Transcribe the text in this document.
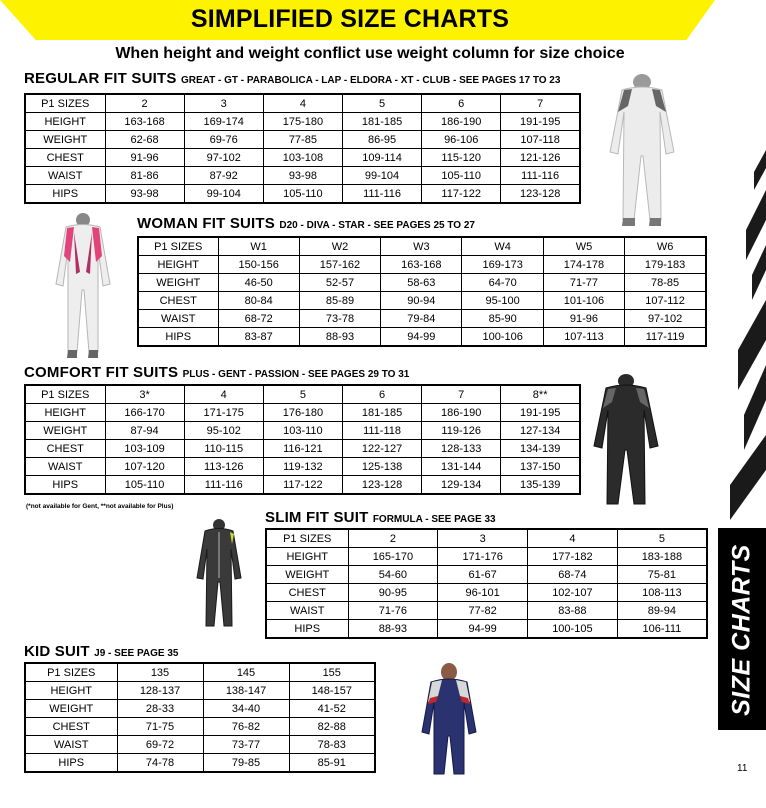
SIMPLIFIED SIZE CHARTS
When height and weight conflict use weight column for size choice
REGULAR FIT SUITS GREAT - GT - PARABOLICA - LAP - ELDORA - XT - CLUB - SEE PAGES 17 TO 23
P1 SIZES	2	3	4	5	6	7
HEIGHT	163-168	169-174	175-180	181-185	186-190	191-195
WEIGHT	62-68	69-76	77-85	86-95	96-106	107-118
CHEST	91-96	97-102	103-108	109-114	115-120	121-126
WAIST	81-86	87-92	93-98	99-104	105-110	111-116
HIPS	93-98	99-104	105-110	111-116	117-122	123-128
WOMAN FIT SUITS D20 - DIVA - STAR - SEE PAGES 25 TO 27
P1 SIZES	W1	W2	W3	W4	W5	W6
HEIGHT	150-156	157-162	163-168	169-173	174-178	179-183
WEIGHT	46-50	52-57	58-63	64-70	71-77	78-85
CHEST	80-84	85-89	90-94	95-100	101-106	107-112
WAIST	68-72	73-78	79-84	85-90	91-96	97-102
HIPS	83-87	88-93	94-99	100-106	107-113	117-119
COMFORT FIT SUITS PLUS - GENT - PASSION - SEE PAGES 29 TO 31
P1 SIZES	3*	4	5	6	7	8**
HEIGHT	166-170	171-175	176-180	181-185	186-190	191-195
WEIGHT	87-94	95-102	103-110	111-118	119-126	127-134
CHEST	103-109	110-115	116-121	122-127	128-133	134-139
WAIST	107-120	113-126	119-132	125-138	131-144	137-150
HIPS	105-110	111-116	117-122	123-128	129-134	135-139
(*not available for Gent, **not available for Plus)
SLIM FIT SUIT FORMULA - SEE PAGE 33
P1 SIZES	2	3	4	5
HEIGHT	165-170	171-176	177-182	183-188
WEIGHT	54-60	61-67	68-74	75-81
CHEST	90-95	96-101	102-107	108-113
WAIST	71-76	77-82	83-88	89-94
HIPS	88-93	94-99	100-105	106-111
KID SUIT J9 - SEE PAGE 35
P1 SIZES	135	145	155
HEIGHT	128-137	138-147	148-157
WEIGHT	28-33	34-40	41-52
CHEST	71-75	76-82	82-88
WAIST	69-72	73-77	78-83
HIPS	74-78	79-85	85-91
SIZE CHARTS
11
